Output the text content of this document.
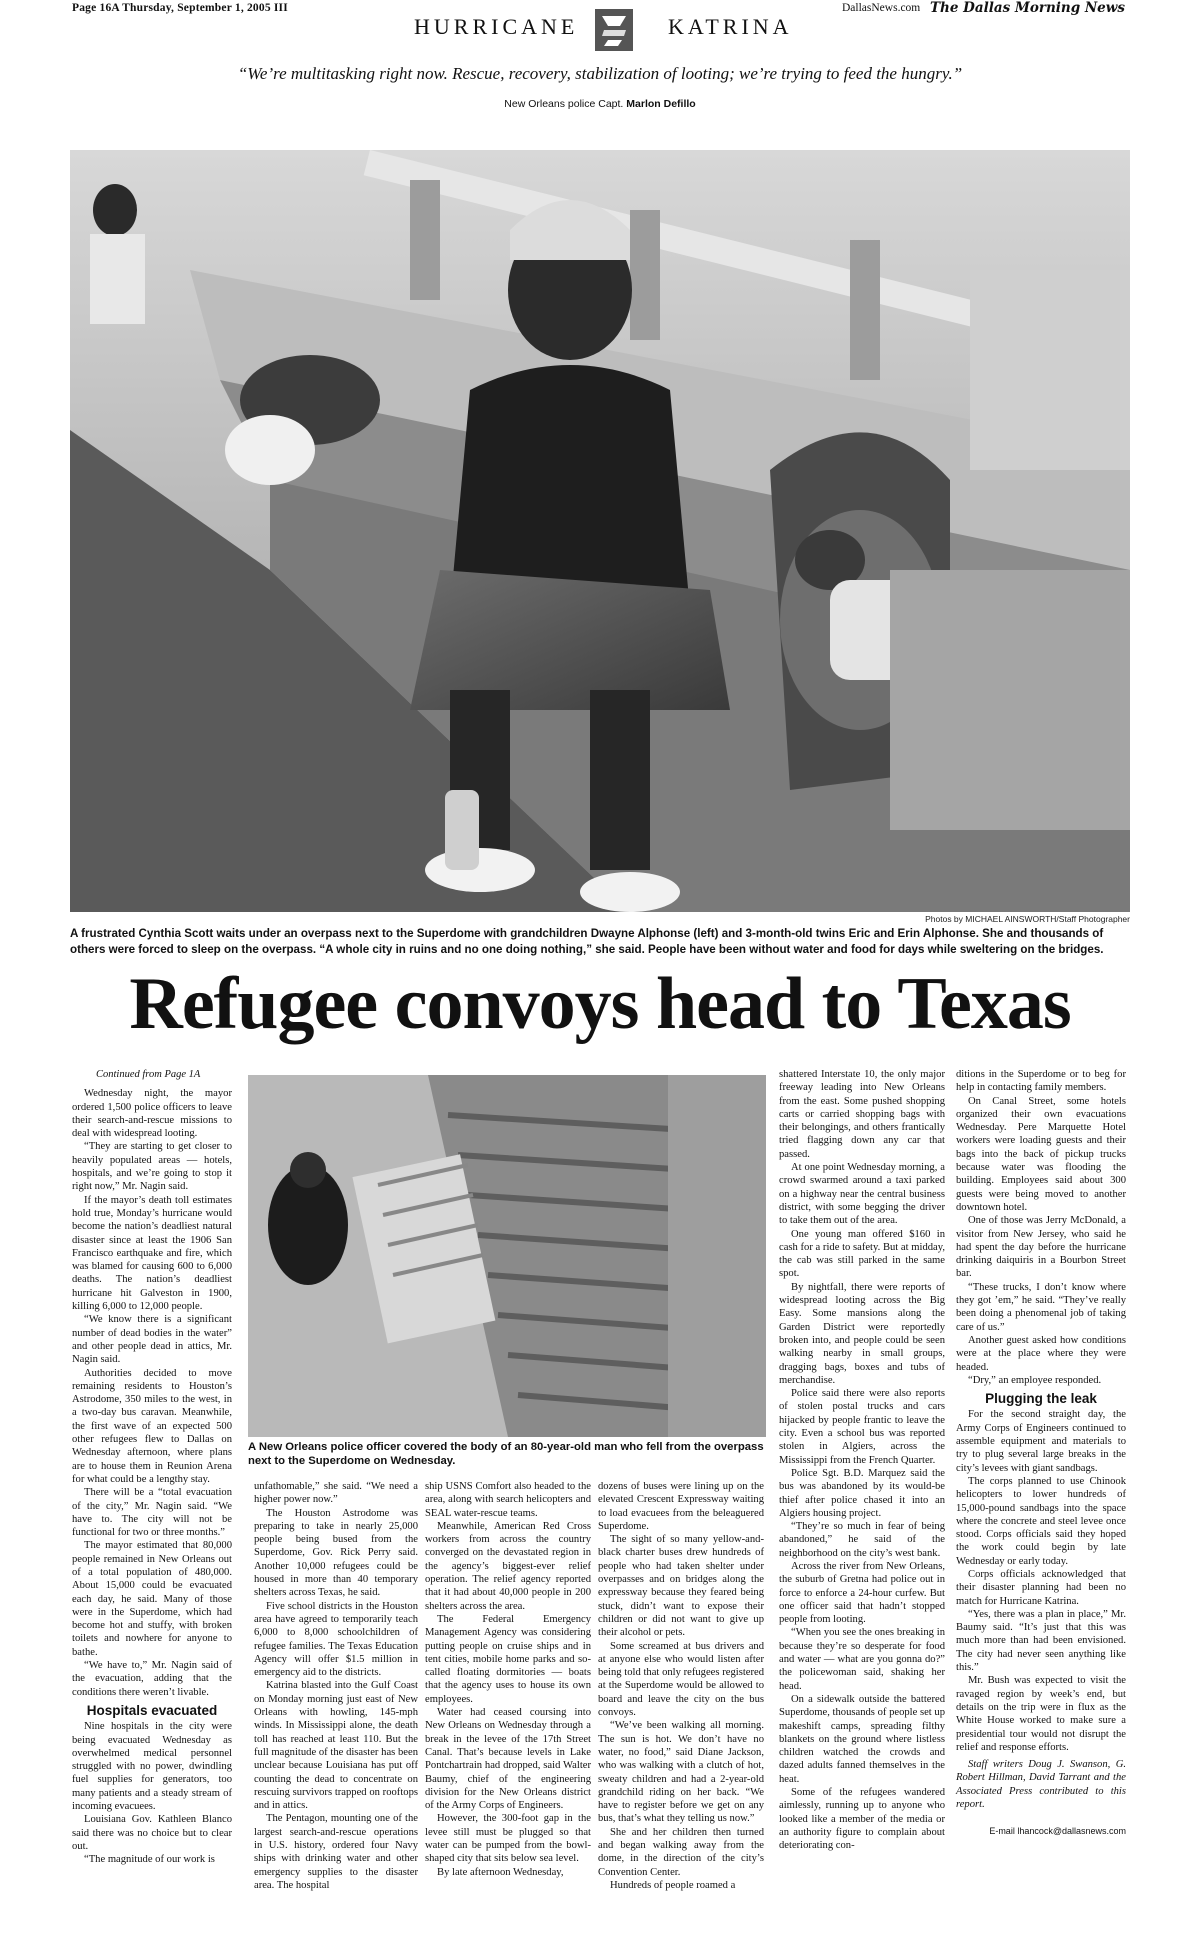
Page 16A Thursday, September 1, 2005 III
HURRICANE	KATRINA
DallasNews.com The Dallas Morning News
“We’re multitasking right now. Rescue, recovery, stabilization of looting; we’re trying to feed the hungry.”
New Orleans police Capt. Marlon Defillo
Photos by MICHAEL AINSWORTH/Staff Photographer
A frustrated Cynthia Scott waits under an overpass next to the Superdome with grandchildren Dwayne Alphonse (left) and 3-month-old twins Eric and Erin Alphonse. She and thousands of others were forced to sleep on the overpass. “A whole city in ruins and no one doing nothing,” she said. People have been without water and food for days while sweltering on the bridges.
Refugee convoys head to Texas
Continued from Page 1A

Wednesday night, the mayor ordered 1,500 police officers to leave their search-and-rescue missions to deal with widespread looting.

“They are starting to get closer to heavily populated areas — hotels, hospitals, and we’re going to stop it right now,” Mr. Nagin said.

If the mayor’s death toll estimates hold true, Monday’s hurricane would become the nation’s deadliest natural disaster since at least the 1906 San Francisco earthquake and fire, which was blamed for causing 600 to 6,000 deaths. The nation’s deadliest hurricane hit Galveston in 1900, killing 6,000 to 12,000 people.

“We know there is a significant number of dead bodies in the water” and other people dead in attics, Mr. Nagin said.

Authorities decided to move remaining residents to Houston’s Astrodome, 350 miles to the west, in a two-day bus caravan. Meanwhile, the first wave of an expected 500 other refugees flew to Dallas on Wednesday afternoon, where plans are to house them in Reunion Arena for what could be a lengthy stay.

There will be a “total evacuation of the city,” Mr. Nagin said. “We have to. The city will not be functional for two or three months.”

The mayor estimated that 80,000 people remained in New Orleans out of a total population of 480,000. About 15,000 could be evacuated each day, he said. Many of those were in the Superdome, which had become hot and stuffy, with broken toilets and nowhere for anyone to bathe.

“We have to,” Mr. Nagin said of the evacuation, adding that the conditions there weren’t livable.

Hospitals evacuated

Nine hospitals in the city were being evacuated Wednesday as overwhelmed medical personnel struggled with no power, dwindling fuel supplies for generators, too many patients and a steady stream of incoming evacuees.

Louisiana Gov. Kathleen Blanco said there was no choice but to clear out.

“The magnitude of our work is

A New Orleans police officer covered the body of an 80-year-old man who fell from the overpass next to the Superdome on Wednesday.

unfathomable,” she said. “We need a higher power now.”

The Houston Astrodome was preparing to take in nearly 25,000 people being bused from the Superdome, Gov. Rick Perry said. Another 10,000 refugees could be housed in more than 40 temporary shelters across Texas, he said.

Five school districts in the Houston area have agreed to temporarily teach 6,000 to 8,000 schoolchildren of refugee families. The Texas Education Agency will offer $1.5 million in emergency aid to the districts.

Katrina blasted into the Gulf Coast on Monday morning just east of New Orleans with howling, 145-mph winds. In Mississippi alone, the death toll has reached at least 110. But the full magnitude of the disaster has been unclear because Louisiana has put off counting the dead to concentrate on rescuing survivors trapped on rooftops and in attics.

The Pentagon, mounting one of the largest search-and-rescue operations in U.S. history, ordered four Navy ships with drinking water and other emergency supplies to the disaster area. The hospital

ship USNS Comfort also headed to the area, along with search helicopters and SEAL water-rescue teams.

Meanwhile, American Red Cross workers from across the country converged on the devastated region in the agency’s biggest-ever relief operation. The relief agency reported that it had about 40,000 people in 200 shelters across the area.

The Federal Emergency Management Agency was considering putting people on cruise ships and in tent cities, mobile home parks and so-called floating dormitories — boats that the agency uses to house its own employees.

Water had ceased coursing into New Orleans on Wednesday through a break in the levee of the 17th Street Canal. That’s because levels in Lake Pontchartrain had dropped, said Walter Baumy, chief of the engineering division for the New Orleans district of the Army Corps of Engineers.

However, the 300-foot gap in the levee still must be plugged so that water can be pumped from the bowl-shaped city that sits below sea level.

By late afternoon Wednesday,

dozens of buses were lining up on the elevated Crescent Expressway waiting to load evacuees from the beleaguered Superdome.

The sight of so many yellow-and-black charter buses drew hundreds of people who had taken shelter under overpasses and on bridges along the expressway because they feared being stuck, didn’t want to expose their children or did not want to give up their alcohol or pets.

Some screamed at bus drivers and at anyone else who would listen after being told that only refugees registered at the Superdome would be allowed to board and leave the city on the bus convoys.

“We’ve been walking all morning. The sun is hot. We don’t have no water, no food,” said Diane Jackson, who was walking with a clutch of hot, sweaty children and had a 2-year-old grandchild riding on her back. “We have to register before we get on any bus, that’s what they telling us now.”

She and her children then turned and began walking away from the dome, in the direction of the city’s Convention Center.

Hundreds of people roamed a

shattered Interstate 10, the only major freeway leading into New Orleans from the east. Some pushed shopping carts or carried shopping bags with their belongings, and others frantically tried flagging down any car that passed.

At one point Wednesday morning, a crowd swarmed around a taxi parked on a highway near the central business district, with some begging the driver to take them out of the area.

One young man offered $160 in cash for a ride to safety. But at midday, the cab was still parked in the same spot.

By nightfall, there were reports of widespread looting across the Big Easy. Some mansions along the Garden District were reportedly broken into, and people could be seen walking nearby in small groups, dragging bags, boxes and tubs of merchandise.

Police said there were also reports of stolen postal trucks and cars hijacked by people frantic to leave the city. Even a school bus was reported stolen in Algiers, across the Mississippi from the French Quarter.

Police Sgt. B.D. Marquez said the bus was abandoned by its would-be thief after police chased it into an Algiers housing project.

“They’re so much in fear of being abandoned,” he said of the neighborhood on the city’s west bank.

Across the river from New Orleans, the suburb of Gretna had police out in force to enforce a 24-hour curfew. But one officer said that hadn’t stopped people from looting.

“When you see the ones breaking in because they’re so desperate for food and water — what are you gonna do?” the policewoman said, shaking her head.

On a sidewalk outside the battered Superdome, thousands of people set up makeshift camps, spreading filthy blankets on the ground where listless children watched the crowds and dazed adults fanned themselves in the heat.

Some of the refugees wandered aimlessly, running up to anyone who looked like a member of the media or an authority figure to complain about deteriorating con-

ditions in the Superdome or to beg for help in contacting family members.

On Canal Street, some hotels organized their own evacuations Wednesday. Pere Marquette Hotel workers were loading guests and their bags into the back of pickup trucks because water was flooding the building. Employees said about 300 guests were being moved to another downtown hotel.

One of those was Jerry McDonald, a visitor from New Jersey, who said he had spent the day before the hurricane drinking daiquiris in a Bourbon Street bar.

“These trucks, I don’t know where they got ’em,” he said. “They’ve really been doing a phenomenal job of taking care of us.”

Another guest asked how conditions were at the place where they were headed.

“Dry,” an employee responded.

Plugging the leak

For the second straight day, the Army Corps of Engineers continued to assemble equipment and materials to try to plug several large breaks in the city’s levees with giant sandbags.

The corps planned to use Chinook helicopters to lower hundreds of 15,000-pound sandbags into the space where the concrete and steel levee once stood. Corps officials said they hoped the work could begin by late Wednesday or early today.

Corps officials acknowledged that their disaster planning had been no match for Hurricane Katrina.

“Yes, there was a plan in place,” Mr. Baumy said. “It’s just that this was much more than had been envisioned. The city had never seen anything like this.”

Mr. Bush was expected to visit the ravaged region by week’s end, but details on the trip were in flux as the White House worked to make sure a presidential tour would not disrupt the relief and response efforts.

Staff writers Doug J. Swanson, G. Robert Hillman, David Tarrant and the Associated Press contributed to this report.

E-mail lhancock@dallasnews.com
